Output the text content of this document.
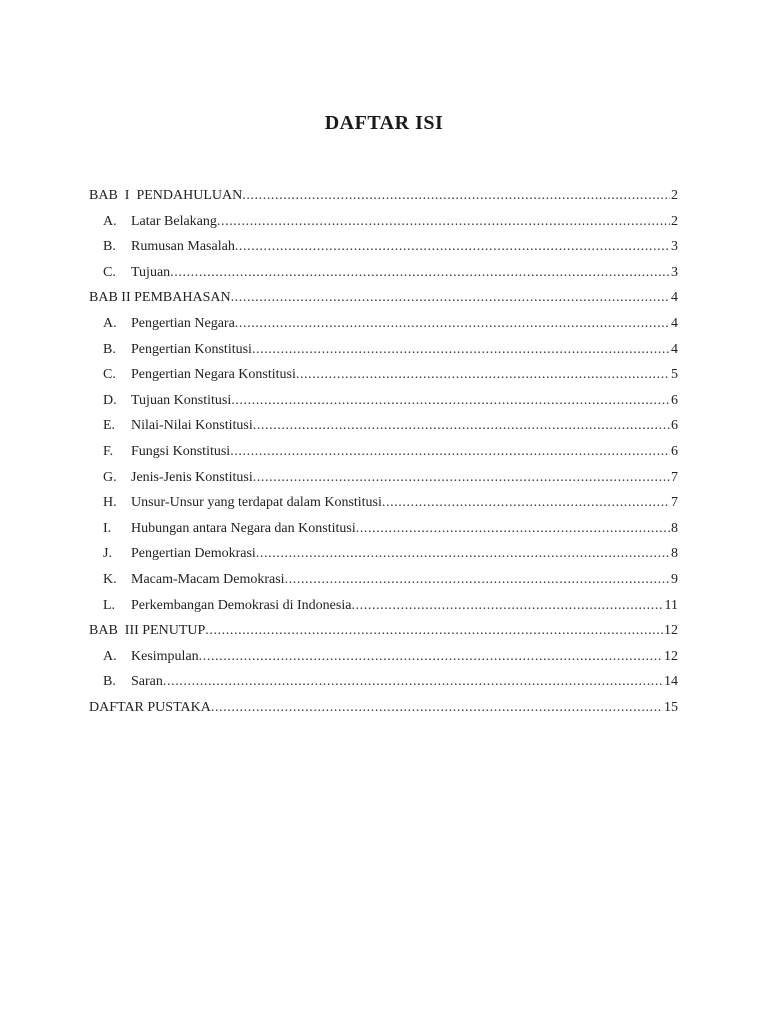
DAFTAR ISI
BAB  I  PENDAHULUAN .....	2
A.	Latar Belakang .....	2
B.	Rumusan Masalah .....	3
C.	Tujuan .....	3
BAB II PEMBAHASAN .....	4
A.	Pengertian Negara .....	4
B.	Pengertian Konstitusi .....	4
C.	Pengertian Negara Konstitusi .....	5
D.	Tujuan Konstitusi .....	6
E.	Nilai-Nilai Konstitusi .....	6
F.	Fungsi Konstitusi .....	6
G.	Jenis-Jenis Konstitusi .....	7
H.	Unsur-Unsur yang terdapat dalam Konstitusi .....	7
I.	Hubungan antara Negara dan Konstitusi .....	8
J.	Pengertian Demokrasi .....	8
K.	Macam-Macam Demokrasi .....	9
L.	Perkembangan Demokrasi di Indonesia .....	11
BAB  III PENUTUP .....	12
A.	Kesimpulan .....	12
B.	Saran .....	14
DAFTAR PUSTAKA .....	15
